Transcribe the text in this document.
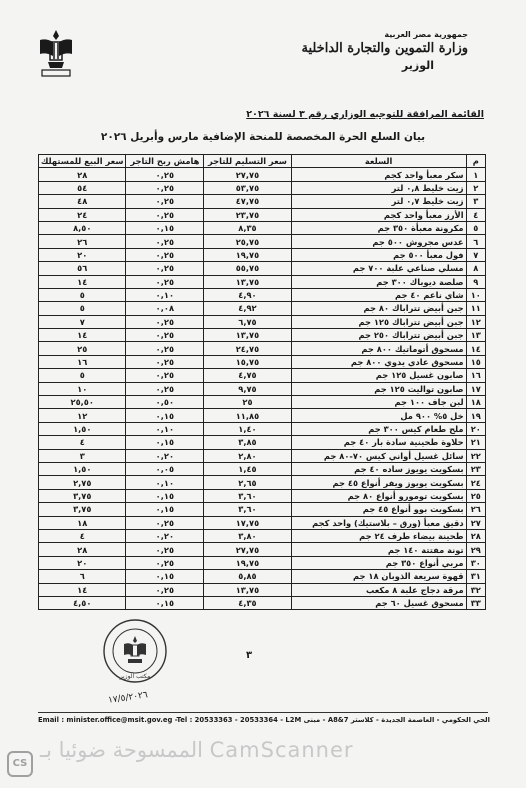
جمهورية مصر العربية
وزارة التموين والتجارة الداخلية
الوزير
القائمة المرافقة للتوجيه الوزاري رقم ٣ لسنة ٢٠٢٦
بيان السلع الحرة المخصصة للمنحة الإضافية مارس وأبريل ٢٠٢٦
م	السلعة	سعر التسليم للتاجر	هامش ربح التاجر	سعر البيع للمستهلك
١	سكر معبأ واحد كجم	٢٧,٧٥	٠,٢٥	٢٨
٢	زيت خليط ٠,٨ لتر	٥٣,٧٥	٠,٢٥	٥٤
٣	زيت خليط ٠,٧ لتر	٤٧,٧٥	٠,٢٥	٤٨
٤	الأرز معبأ واحد كجم	٢٣,٧٥	٠,٢٥	٢٤
٥	مكرونة معبأة ٣٥٠ جم	٨,٣٥	٠,١٥	٨,٥٠
٦	عدس مجروش ٥٠٠ جم	٢٥,٧٥	٠,٢٥	٢٦
٧	فول معبأ ٥٠٠ جم	١٩,٧٥	٠,٢٥	٢٠
٨	مسلي صناعي علبة ٧٠٠ جم	٥٥,٧٥	٠,٢٥	٥٦
٩	صلصة ديوباك ٣٠٠ جم	١٣,٧٥	٠,٢٥	١٤
١٠	شاي ناعم ٤٠ جم	٤,٩٠	٠,١٠	٥
١١	جبن أبيض تتراباك ٨٠ جم	٤,٩٢	٠,٠٨	٥
١٢	جبن أبيض تتراباك ١٢٥ جم	٦,٧٥	٠,٢٥	٧
١٣	جبن أبيض تتراباك ٢٥٠ جم	١٣,٧٥	٠,٢٥	١٤
١٤	مسحوق أتوماتيك ٨٠٠ جم	٢٤,٧٥	٠,٢٥	٢٥
١٥	مسحوق عادي يدوي ٨٠٠ جم	١٥,٧٥	٠,٢٥	١٦
١٦	صابون غسيل ١٢٥ جم	٤,٧٥	٠,٢٥	٥
١٧	صابون تواليت ١٢٥ جم	٩,٧٥	٠,٢٥	١٠
١٨	لبن جاف ١٠٠ جم	٢٥	٠,٥٠	٢٥,٥٠
١٩	خل ٥% ٩٠٠ مل	١١,٨٥	٠,١٥	١٢
٢٠	ملح طعام كيس ٣٠٠ جم	١,٤٠	٠,١٠	١,٥٠
٢١	حلاوة طحينية سادة بار ٤٠ جم	٣,٨٥	٠,١٥	٤
٢٢	سائل غسيل أواني كيس ٧٠-٨٠ جم	٢,٨٠	٠,٢٠	٣
٢٣	بسكويت يويوز ساده ٤٠ جم	١,٤٥	٠,٠٥	١,٥٠
٢٤	بسكويت يويوز ويفر أنواع ٤٥ جم	٢,٦٥	٠,١٠	٢,٧٥
٢٥	بسكويت تومورو أنواع ٨٠ جم	٣,٦٠	٠,١٥	٣,٧٥
٢٦	بسكويت بوو أنواع ٤٥ جم	٣,٦٠	٠,١٥	٣,٧٥
٢٧	دقيق معبأ (ورق – بلاستيك) واحد كجم	١٧,٧٥	٠,٢٥	١٨
٢٨	طحينة بيضاء طرف ٢٤ جم	٣,٨٠	٠,٢٠	٤
٢٩	تونة مفتتة ١٤٠ جم	٢٧,٧٥	٠,٢٥	٢٨
٣٠	مربي أنواع ٣٥٠ جم	١٩,٧٥	٠,٢٥	٢٠
٣١	قهوة سريعة الذوبان ١٨ جم	٥,٨٥	٠,١٥	٦
٣٢	مرقة دجاج علبة ٨ مكعب	١٣,٧٥	٠,٢٥	١٤
٣٣	مسحوق غسيل ٦٠ جم	٤,٣٥	٠,١٥	٤,٥٠
٣
مكتب الوزير
١٧/٥/٢٠٢٦
Email : minister.office@msit.gov.eg -Tel : 20533363 - 20533364 - L2M الحي الحكومي - العاصمة الجديدة - كلاستر A8&7 - مبنى
الممسوحة ضوئيا بـ CamScanner
CS
